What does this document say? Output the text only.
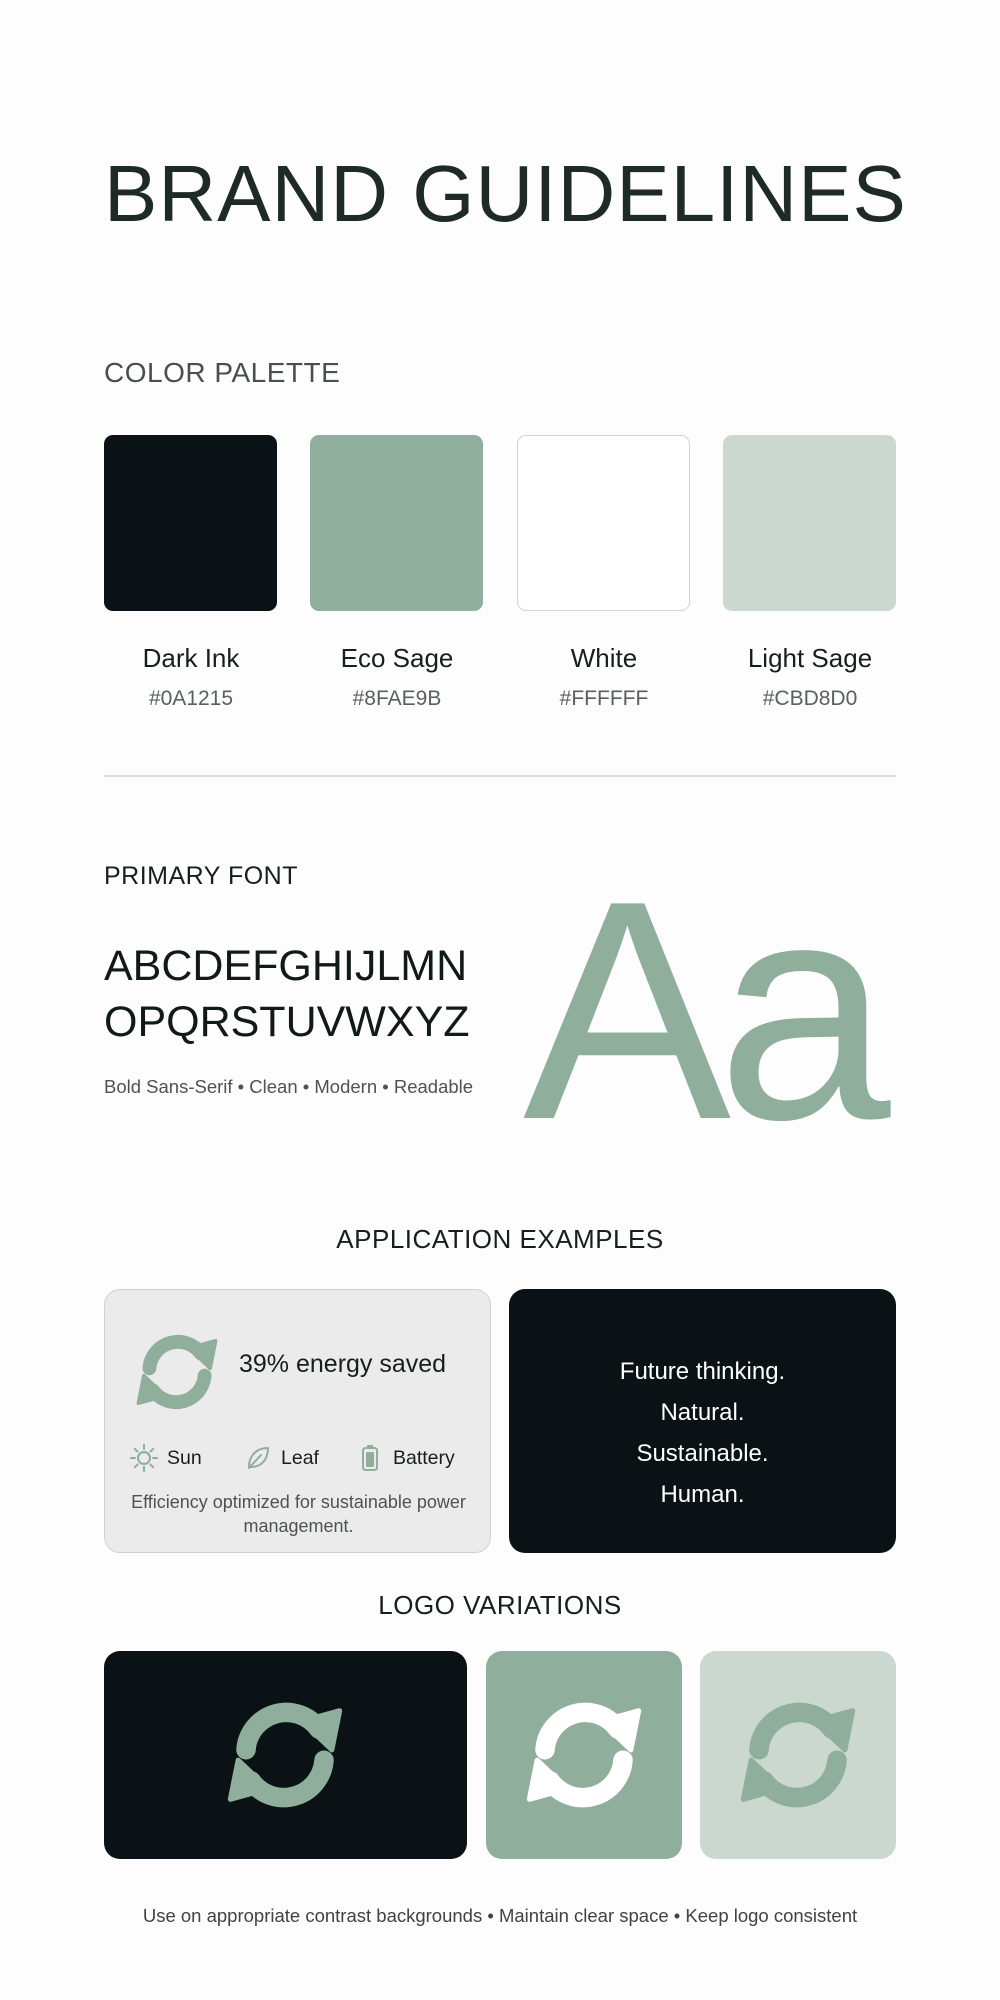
BRAND GUIDELINES
COLOR PALETTE
Dark Ink	Eco Sage	White	Light Sage
#0A1215	#8FAE9B	#FFFFFF	#CBD8D0
PRIMARY FONT
ABCDEFGHIJLMN
OPQRSTUVWXYZ
Bold Sans-Serif • Clean • Modern • Readable Aa
APPLICATION EXAMPLES
39% energy saved
Sun	Leaf	Battery
Efficiency optimized for sustainable power management.
Future thinking.
Natural.
Sustainable.
Human.
LOGO VARIATIONS
Use on appropriate contrast backgrounds • Maintain clear space • Keep logo consistent
